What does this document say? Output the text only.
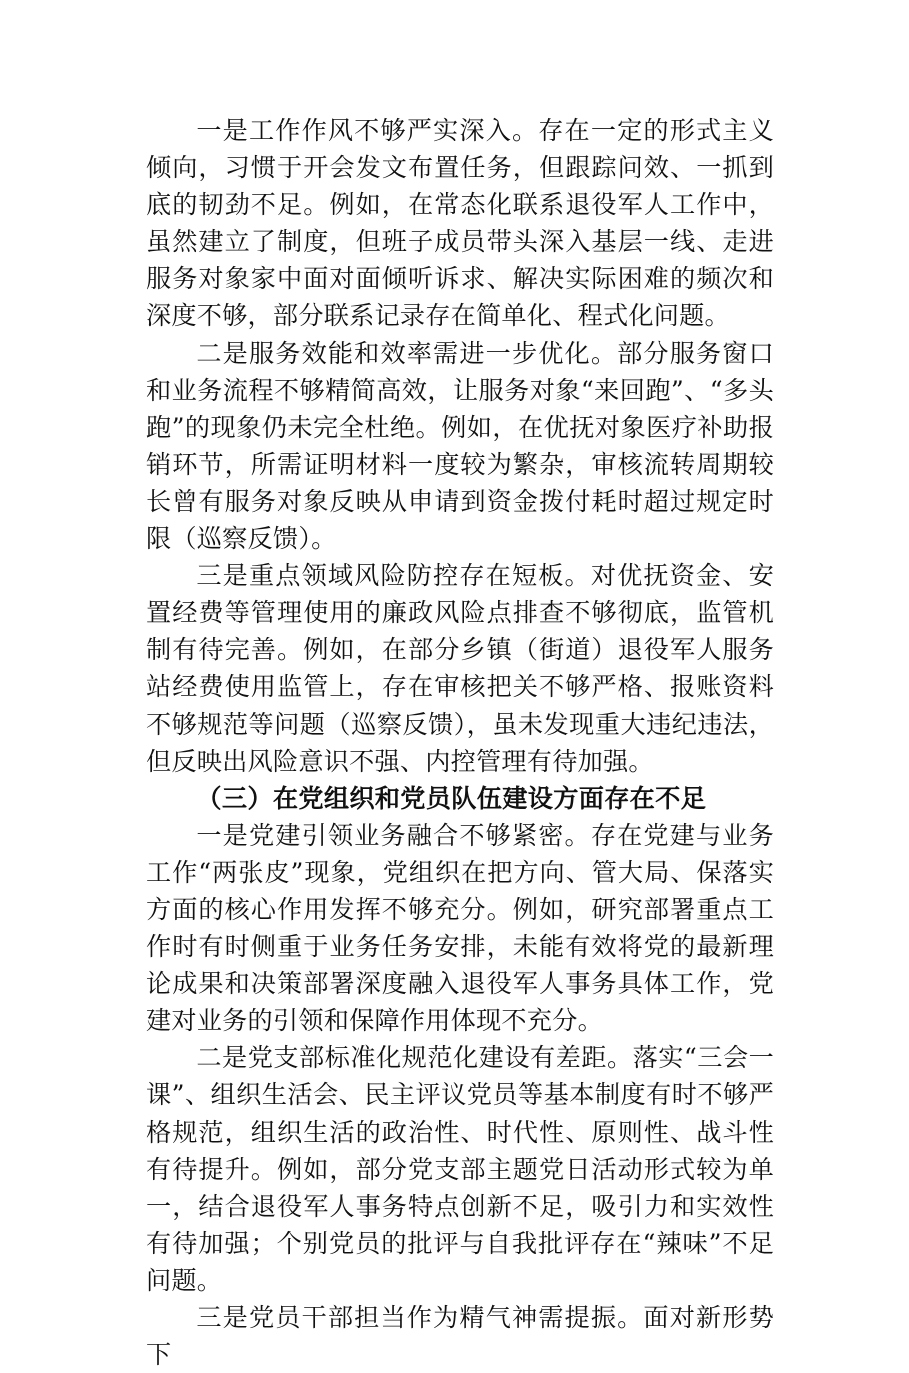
一是工作作风不够严实深入。存在一定的形式主义倾向，习惯于开会发文布置任务，但跟踪问效、一抓到底的韧劲不足。例如，在常态化联系退役军人工作中，虽然建立了制度，但班子成员带头深入基层一线、走进服务对象家中面对面倾听诉求、解决实际困难的频次和深度不够，部分联系记录存在简单化、程式化问题。

二是服务效能和效率需进一步优化。部分服务窗口和业务流程不够精简高效，让服务对象“来回跑”、“多头跑”的现象仍未完全杜绝。例如，在优抚对象医疗补助报销环节，所需证明材料一度较为繁杂，审核流转周期较长曾有服务对象反映从申请到资金拨付耗时超过规定时限（巡察反馈）。

三是重点领域风险防控存在短板。对优抚资金、安置经费等管理使用的廉政风险点排查不够彻底，监管机制有待完善。例如，在部分乡镇（街道）退役军人服务站经费使用监管上，存在审核把关不够严格、报账资料不够规范等问题（巡察反馈），虽未发现重大违纪违法，但反映出风险意识不强、内控管理有待加强。

（三）在党组织和党员队伍建设方面存在不足

一是党建引领业务融合不够紧密。存在党建与业务工作“两张皮”现象，党组织在把方向、管大局、保落实方面的核心作用发挥不够充分。例如，研究部署重点工作时有时侧重于业务任务安排，未能有效将党的最新理论成果和决策部署深度融入退役军人事务具体工作，党建对业务的引领和保障作用体现不充分。

二是党支部标准化规范化建设有差距。落实“三会一课”、组织生活会、民主评议党员等基本制度有时不够严格规范，组织生活的政治性、时代性、原则性、战斗性有待提升。例如，部分党支部主题党日活动形式较为单一，结合退役军人事务特点创新不足，吸引力和实效性有待加强；个别党员的批评与自我批评存在“辣味”不足问题。

三是党员干部担当作为精气神需提振。面对新形势下
